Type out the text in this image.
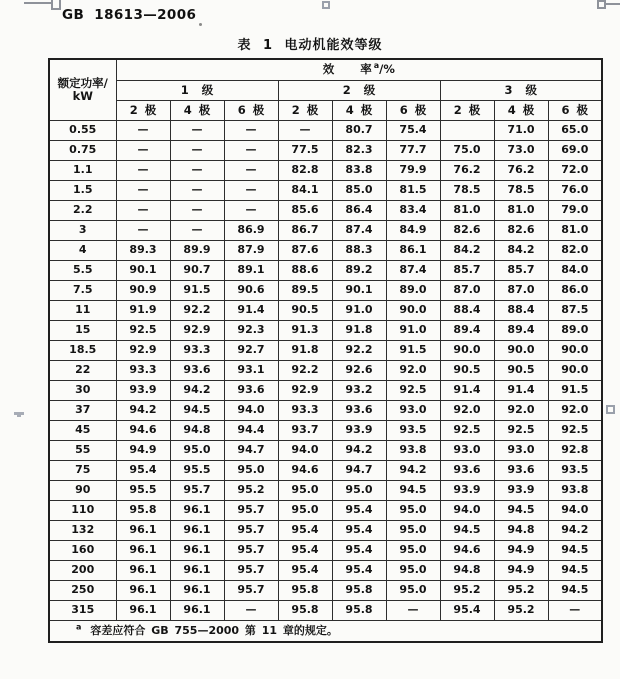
GB 18613—2006
表 1 电动机能效等级
额定功率/
kW	效 率$^a$/%								
	1 级			2 级			3 级		
	2 极	4 极	6 极	2 极	4 极	6 极	2 极	4 极	6 极
0.55	—	—	—	—	80.7	75.4		71.0	65.0
0.75	—	—	—	77.5	82.3	77.7	75.0	73.0	69.0
1.1	—	—	—	82.8	83.8	79.9	76.2	76.2	72.0
1.5	—	—	—	84.1	85.0	81.5	78.5	78.5	76.0
2.2	—	—	—	85.6	86.4	83.4	81.0	81.0	79.0
3	—	—	86.9	86.7	87.4	84.9	82.6	82.6	81.0
4	89.3	89.9	87.9	87.6	88.3	86.1	84.2	84.2	82.0
5.5	90.1	90.7	89.1	88.6	89.2	87.4	85.7	85.7	84.0
7.5	90.9	91.5	90.6	89.5	90.1	89.0	87.0	87.0	86.0
11	91.9	92.2	91.4	90.5	91.0	90.0	88.4	88.4	87.5
15	92.5	92.9	92.3	91.3	91.8	91.0	89.4	89.4	89.0
18.5	92.9	93.3	92.7	91.8	92.2	91.5	90.0	90.0	90.0
22	93.3	93.6	93.1	92.2	92.6	92.0	90.5	90.5	90.0
30	93.9	94.2	93.6	92.9	93.2	92.5	91.4	91.4	91.5
37	94.2	94.5	94.0	93.3	93.6	93.0	92.0	92.0	92.0
45	94.6	94.8	94.4	93.7	93.9	93.5	92.5	92.5	92.5
55	94.9	95.0	94.7	94.0	94.2	93.8	93.0	93.0	92.8
75	95.4	95.5	95.0	94.6	94.7	94.2	93.6	93.6	93.5
90	95.5	95.7	95.2	95.0	95.0	94.5	93.9	93.9	93.8
110	95.8	96.1	95.7	95.0	95.4	95.0	94.0	94.5	94.0
132	96.1	96.1	95.7	95.4	95.4	95.0	94.5	94.8	94.2
160	96.1	96.1	95.7	95.4	95.4	95.0	94.6	94.9	94.5
200	96.1	96.1	95.7	95.4	95.4	95.0	94.8	94.9	94.5
250	96.1	96.1	95.7	95.8	95.8	95.0	95.2	95.2	94.5
315	96.1	96.1	—	95.8	95.8	—	95.4	95.2	—
$^a$ 容差应符合 GB 755—2000 第 11 章的规定。									
